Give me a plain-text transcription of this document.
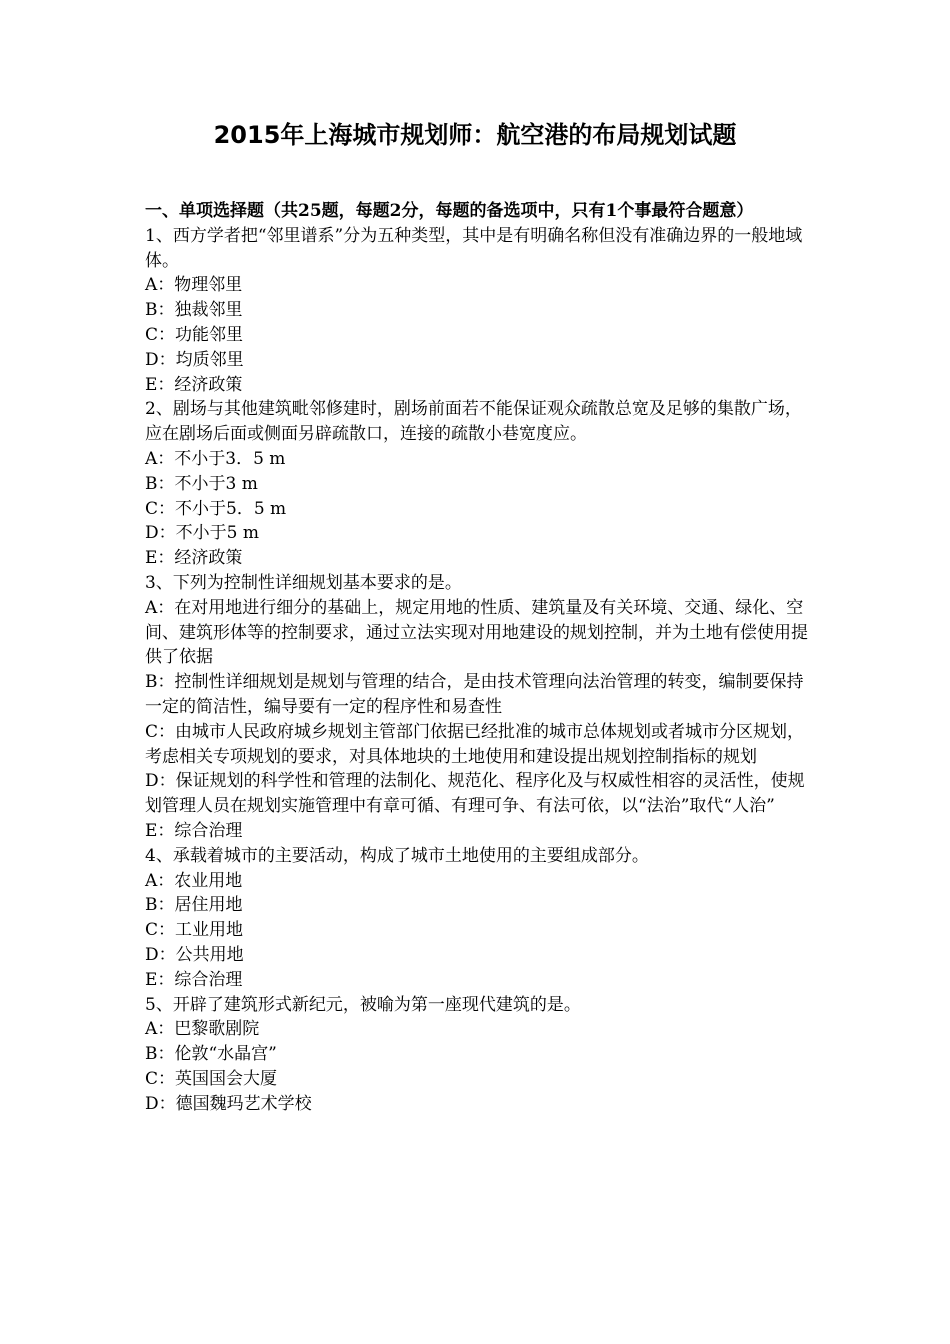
2015年上海城市规划师：航空港的布局规划试题
一、单项选择题（共25题，每题2分，每题的备选项中，只有1个事最符合题意）
1、西方学者把“邻里谱系”分为五种类型，其中是有明确名称但没有准确边界的一般地域体。
A：物理邻里
B：独裁邻里
C：功能邻里
D：均质邻里
E：经济政策
2、剧场与其他建筑毗邻修建时，剧场前面若不能保证观众疏散总宽及足够的集散广场，应在剧场后面或侧面另辟疏散口，连接的疏散小巷宽度应。
A：不小于3．5 m
B：不小于3 m
C：不小于5．5 m
D：不小于5 m
E：经济政策
3、下列为控制性详细规划基本要求的是。
A：在对用地进行细分的基础上，规定用地的性质、建筑量及有关环境、交通、绿化、空间、建筑形体等的控制要求，通过立法实现对用地建设的规划控制，并为土地有偿使用提供了依据
B：控制性详细规划是规划与管理的结合，是由技术管理向法治管理的转变，编制要保持一定的简洁性，编导要有一定的程序性和易查性
C：由城市人民政府城乡规划主管部门依据已经批准的城市总体规划或者城市分区规划，考虑相关专项规划的要求，对具体地块的土地使用和建设提出规划控制指标的规划
D：保证规划的科学性和管理的法制化、规范化、程序化及与权威性相容的灵活性，使规划管理人员在规划实施管理中有章可循、有理可争、有法可依，以“法治”取代“人治”
E：综合治理
4、承载着城市的主要活动，构成了城市土地使用的主要组成部分。
A：农业用地
B：居住用地
C：工业用地
D：公共用地
E：综合治理
5、开辟了建筑形式新纪元，被喻为第一座现代建筑的是。
A：巴黎歌剧院
B：伦敦“水晶宫”
C：英国国会大厦
D：德国魏玛艺术学校
